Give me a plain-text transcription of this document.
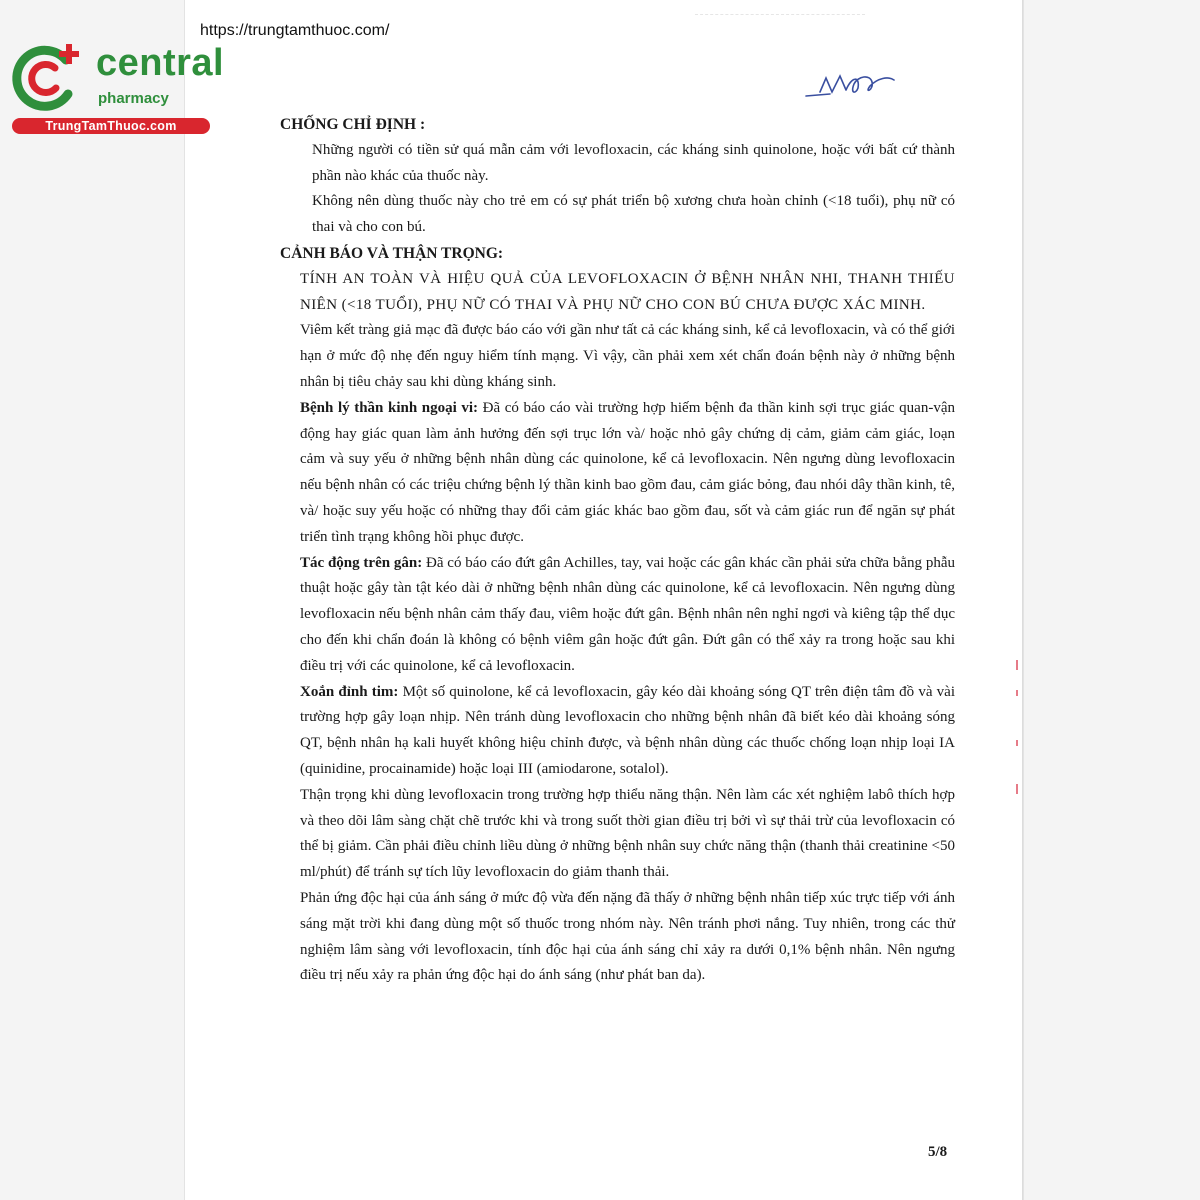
central
pharmacy
TrungTamThuoc.com
https://trungtamthuoc.com/

CHỐNG CHỈ ĐỊNH :

Những người có tiền sử quá mẫn cảm với levofloxacin, các kháng sinh quinolone, hoặc với bất cứ thành phần nào khác của thuốc này.

Không nên dùng thuốc này cho trẻ em có sự phát triển bộ xương chưa hoàn chỉnh (<18 tuổi), phụ nữ có thai và cho con bú.

CẢNH BÁO VÀ THẬN TRỌNG:

TÍNH AN TOÀN VÀ HIỆU QUẢ CỦA LEVOFLOXACIN Ở BỆNH NHÂN NHI, THANH THIẾU NIÊN (<18 TUỔI), PHỤ NỮ CÓ THAI VÀ PHỤ NỮ CHO CON BÚ CHƯA ĐƯỢC XÁC MINH.

Viêm kết tràng giả mạc đã được báo cáo với gần như tất cả các kháng sinh, kể cả levofloxacin, và có thể giới hạn ở mức độ nhẹ đến nguy hiểm tính mạng. Vì vậy, cần phải xem xét chẩn đoán bệnh này ở những bệnh nhân bị tiêu chảy sau khi dùng kháng sinh.

Bệnh lý thần kinh ngoại vi: Đã có báo cáo vài trường hợp hiếm bệnh đa thần kinh sợi trục giác quan-vận động hay giác quan làm ảnh hưởng đến sợi trục lớn và/ hoặc nhỏ gây chứng dị cảm, giảm cảm giác, loạn cảm và suy yếu ở những bệnh nhân dùng các quinolone, kể cả levofloxacin. Nên ngưng dùng levofloxacin nếu bệnh nhân có các triệu chứng bệnh lý thần kinh bao gồm đau, cảm giác bỏng, đau nhói dây thần kinh, tê, và/ hoặc suy yếu hoặc có những thay đổi cảm giác khác bao gồm đau, sốt và cảm giác run để ngăn sự phát triển tình trạng không hồi phục được.

Tác động trên gân: Đã có báo cáo đứt gân Achilles, tay, vai hoặc các gân khác cần phải sửa chữa bằng phẫu thuật hoặc gây tàn tật kéo dài ở những bệnh nhân dùng các quinolone, kể cả levofloxacin. Nên ngưng dùng levofloxacin nếu bệnh nhân cảm thấy đau, viêm hoặc đứt gân. Bệnh nhân nên nghỉ ngơi và kiêng tập thể dục cho đến khi chẩn đoán là không có bệnh viêm gân hoặc đứt gân. Đứt gân có thể xảy ra trong hoặc sau khi điều trị với các quinolone, kể cả levofloxacin.

Xoắn đỉnh tim: Một số quinolone, kể cả levofloxacin, gây kéo dài khoảng sóng QT trên điện tâm đồ và vài trường hợp gây loạn nhịp. Nên tránh dùng levofloxacin cho những bệnh nhân đã biết kéo dài khoảng sóng QT, bệnh nhân hạ kali huyết không hiệu chỉnh được, và bệnh nhân dùng các thuốc chống loạn nhịp loại IA (quinidine, procainamide) hoặc loại III (amiodarone, sotalol).

Thận trọng khi dùng levofloxacin trong trường hợp thiểu năng thận. Nên làm các xét nghiệm labô thích hợp và theo dõi lâm sàng chặt chẽ trước khi và trong suốt thời gian điều trị bởi vì sự thải trừ của levofloxacin có thể bị giảm. Cần phải điều chỉnh liều dùng ở những bệnh nhân suy chức năng thận (thanh thải creatinine <50 ml/phút) để tránh sự tích lũy levofloxacin do giảm thanh thải.

Phản ứng độc hại của ánh sáng ở mức độ vừa đến nặng đã thấy ở những bệnh nhân tiếp xúc trực tiếp với ánh sáng mặt trời khi đang dùng một số thuốc trong nhóm này. Nên tránh phơi nắng. Tuy nhiên, trong các thử nghiệm lâm sàng với levofloxacin, tính độc hại của ánh sáng chỉ xảy ra dưới 0,1% bệnh nhân. Nên ngưng điều trị nếu xảy ra phản ứng độc hại do ánh sáng (như phát ban da).

5/8
